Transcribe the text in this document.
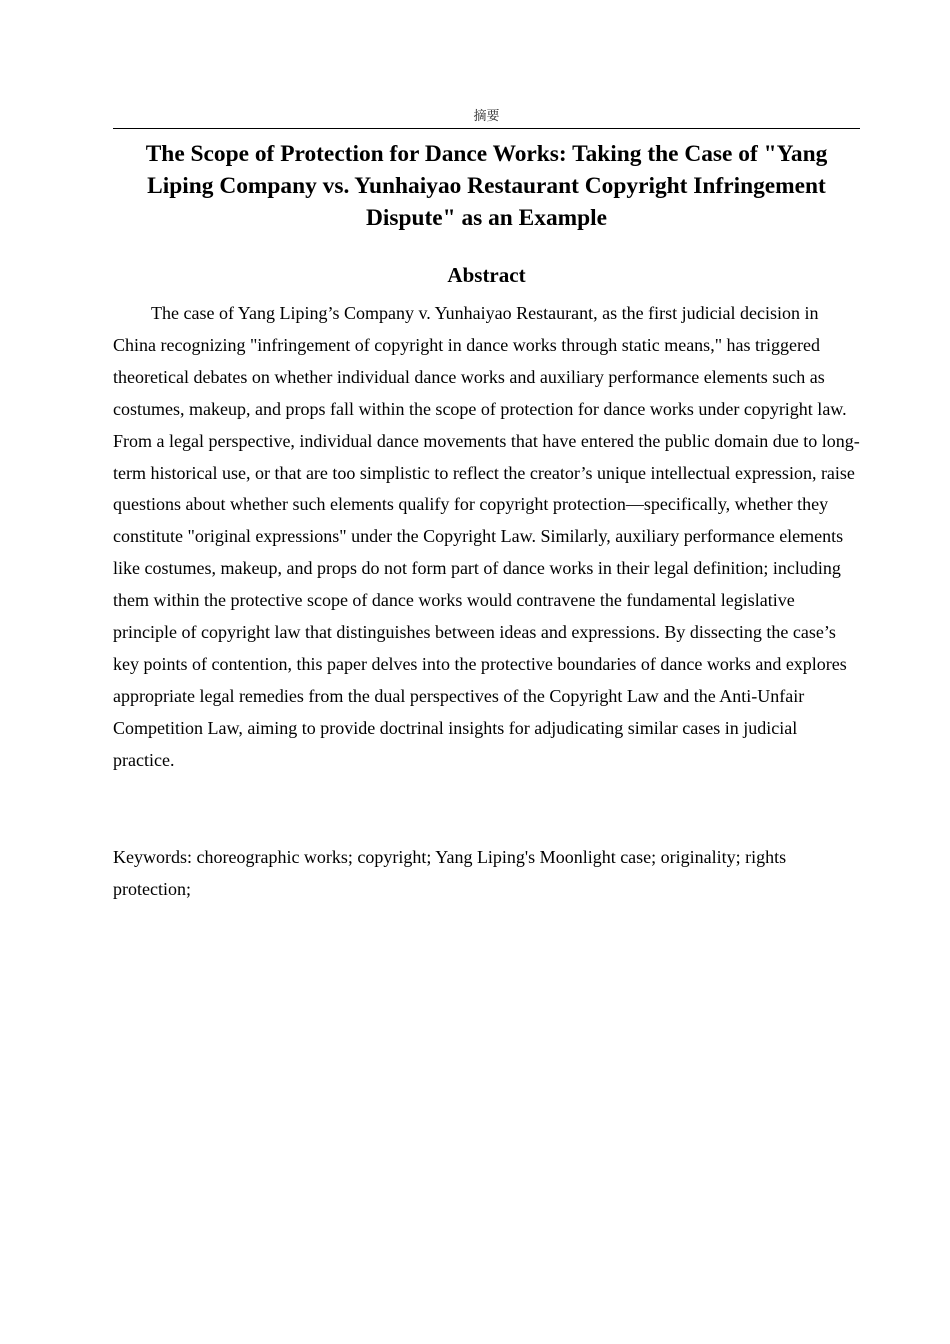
摘要
The Scope of Protection for Dance Works: Taking the Case of "Yang Liping Company vs. Yunhaiyao Restaurant Copyright Infringement Dispute" as an Example
Abstract

The case of Yang Liping’s Company v. Yunhaiyao Restaurant, as the first judicial decision in China recognizing "infringement of copyright in dance works through static means," has triggered theoretical debates on whether individual dance works and auxiliary performance elements such as costumes, makeup, and props fall within the scope of protection for dance works under copyright law. From a legal perspective, individual dance movements that have entered the public domain due to long-term historical use, or that are too simplistic to reflect the creator’s unique intellectual expression, raise questions about whether such elements qualify for copyright protection—specifically, whether they constitute "original expressions" under the Copyright Law. Similarly, auxiliary performance elements like costumes, makeup, and props do not form part of dance works in their legal definition; including them within the protective scope of dance works would contravene the fundamental legislative principle of copyright law that distinguishes between ideas and expressions. By dissecting the case’s key points of contention, this paper delves into the protective boundaries of dance works and explores appropriate legal remedies from the dual perspectives of the Copyright Law and the Anti-Unfair Competition Law, aiming to provide doctrinal insights for adjudicating similar cases in judicial practice.

Keywords: choreographic works; copyright; Yang Liping's Moonlight case; originality; rights protection;
